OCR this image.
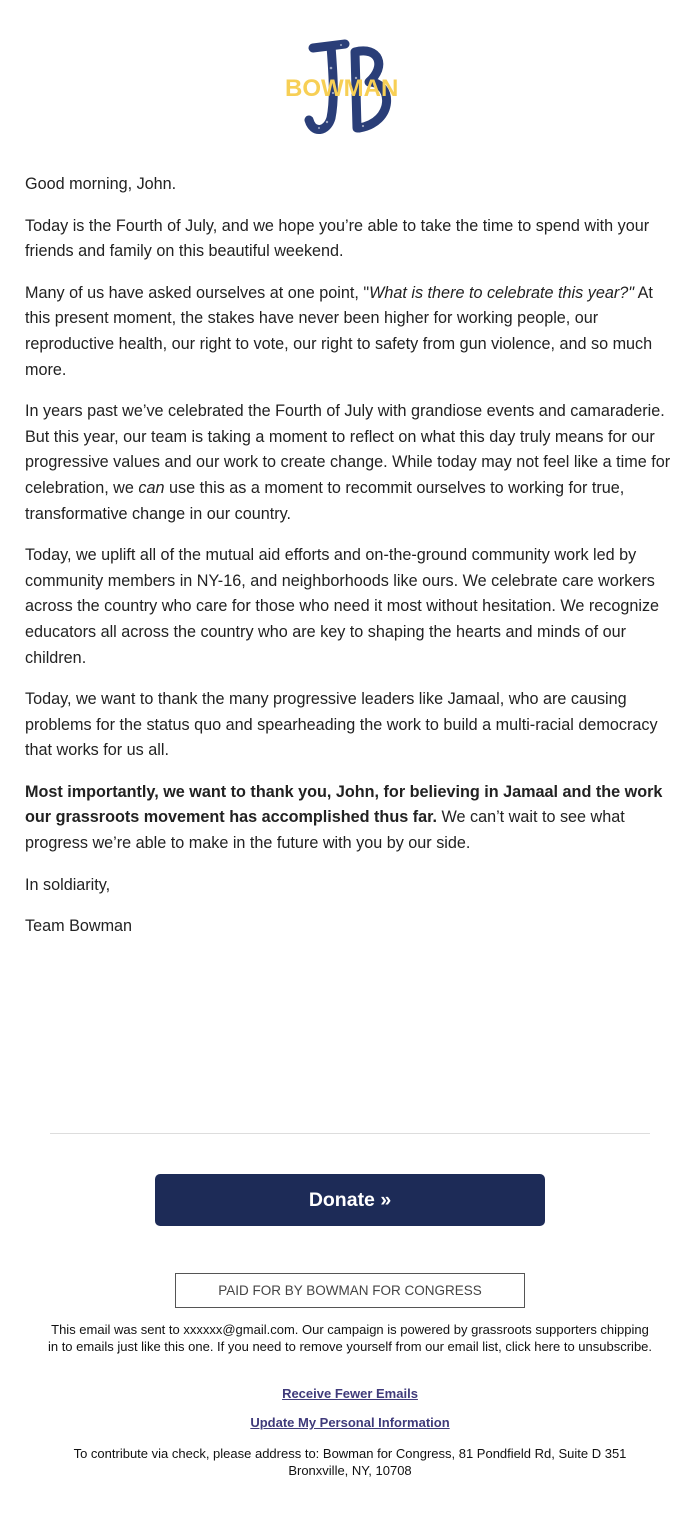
BOWMAN

Good morning, John.

Today is the Fourth of July, and we hope you’re able to take the time to spend with your friends and family on this beautiful weekend.

Many of us have asked ourselves at one point, "What is there to celebrate this year?" At this present moment, the stakes have never been higher for working people, our reproductive health, our right to vote, our right to safety from gun violence, and so much more.

In years past we’ve celebrated the Fourth of July with grandiose events and camaraderie. But this year, our team is taking a moment to reflect on what this day truly means for our progressive values and our work to create change. While today may not feel like a time for celebration, we can use this as a moment to recommit ourselves to working for true, transformative change in our country.

Today, we uplift all of the mutual aid efforts and on-the-ground community work led by community members in NY-16, and neighborhoods like ours. We celebrate care workers across the country who care for those who need it most without hesitation. We recognize educators all across the country who are key to shaping the hearts and minds of our children.

Today, we want to thank the many progressive leaders like Jamaal, who are causing problems for the status quo and spearheading the work to build a multi-racial democracy that works for us all.

Most importantly, we want to thank you, John, for believing in Jamaal and the work our grassroots movement has accomplished thus far. We can’t wait to see what progress we’re able to make in the future with you by our side.

In soldiarity,

Team Bowman

Donate »
PAID FOR BY BOWMAN FOR CONGRESS
This email was sent to xxxxxx@gmail.com. Our campaign is powered by grassroots supporters chipping in to emails just like this one. If you need to remove yourself from our email list, click here to unsubscribe.
Receive Fewer Emails
Update My Personal Information
To contribute via check, please address to: Bowman for Congress, 81 Pondfield Rd, Suite D 351 Bronxville, NY, 10708
